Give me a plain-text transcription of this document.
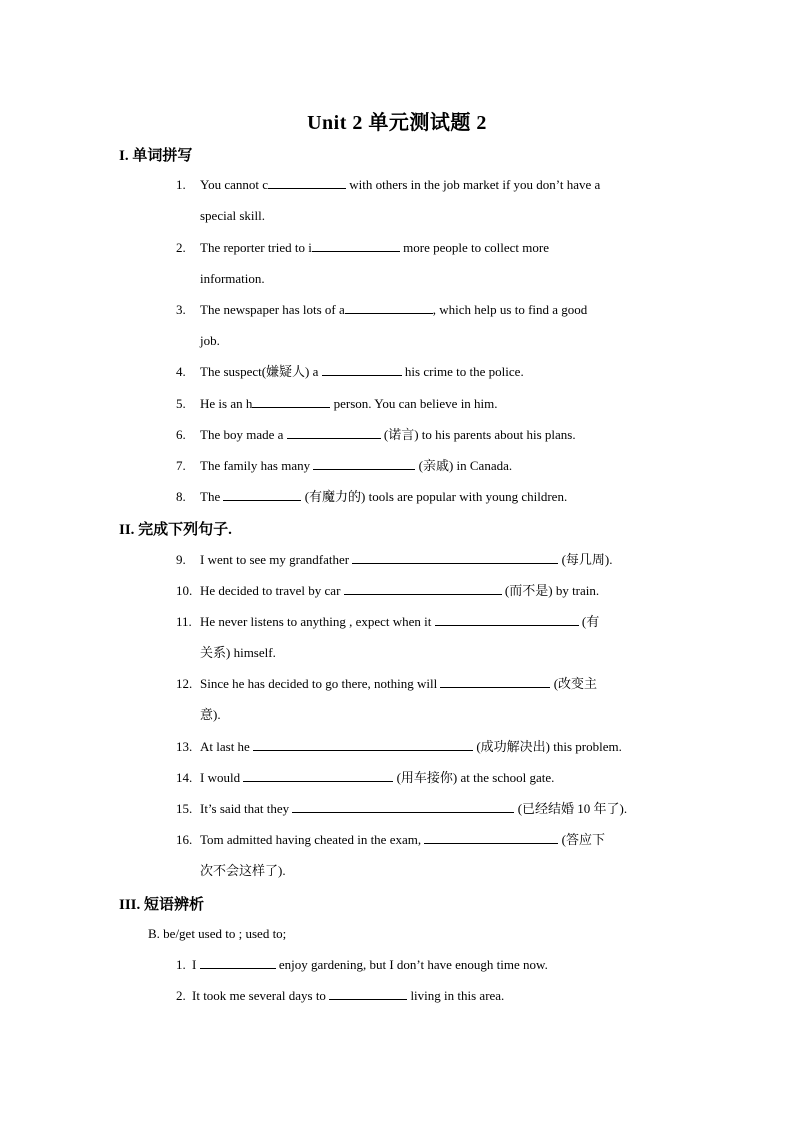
Unit 2 单元测试题 2
I. 单词拼写
1. You cannot c	with others in the job market if you don’t have a
special skill.
2. The reporter tried to i	more people to collect more
information.
3. The newspaper has lots of a	, which help us to find a good
job.
4. The suspect(嫌疑人) a	his crime to the police.
5. He is an h	person. You can believe in him.
6. The boy made a	(诺言) to his parents about his plans.
7. The family has many	(亲戚) in Canada.
8. The	(有魔力的) tools are popular with young children.
II. 完成下列句子.
9. I went to see my grandfather	(每几周).
10. He decided to travel by car	(而不是) by train.
11. He never listens to anything , expect when it	(有
关系) himself.
12. Since he has decided to go there, nothing will	(改变主
意).
13. At last he	(成功解决出) this problem.
14. I would	(用车接你) at the school gate.
15. It’s said that they	(已经结婚 10 年了).
16. Tom admitted having cheated in the exam,	(答应下
次不会这样了).
III. 短语辨析
B. be/get used to ; used to;
1. I	enjoy gardening, but I don’t have enough time now.
2. It took me several days to	living in this area.
